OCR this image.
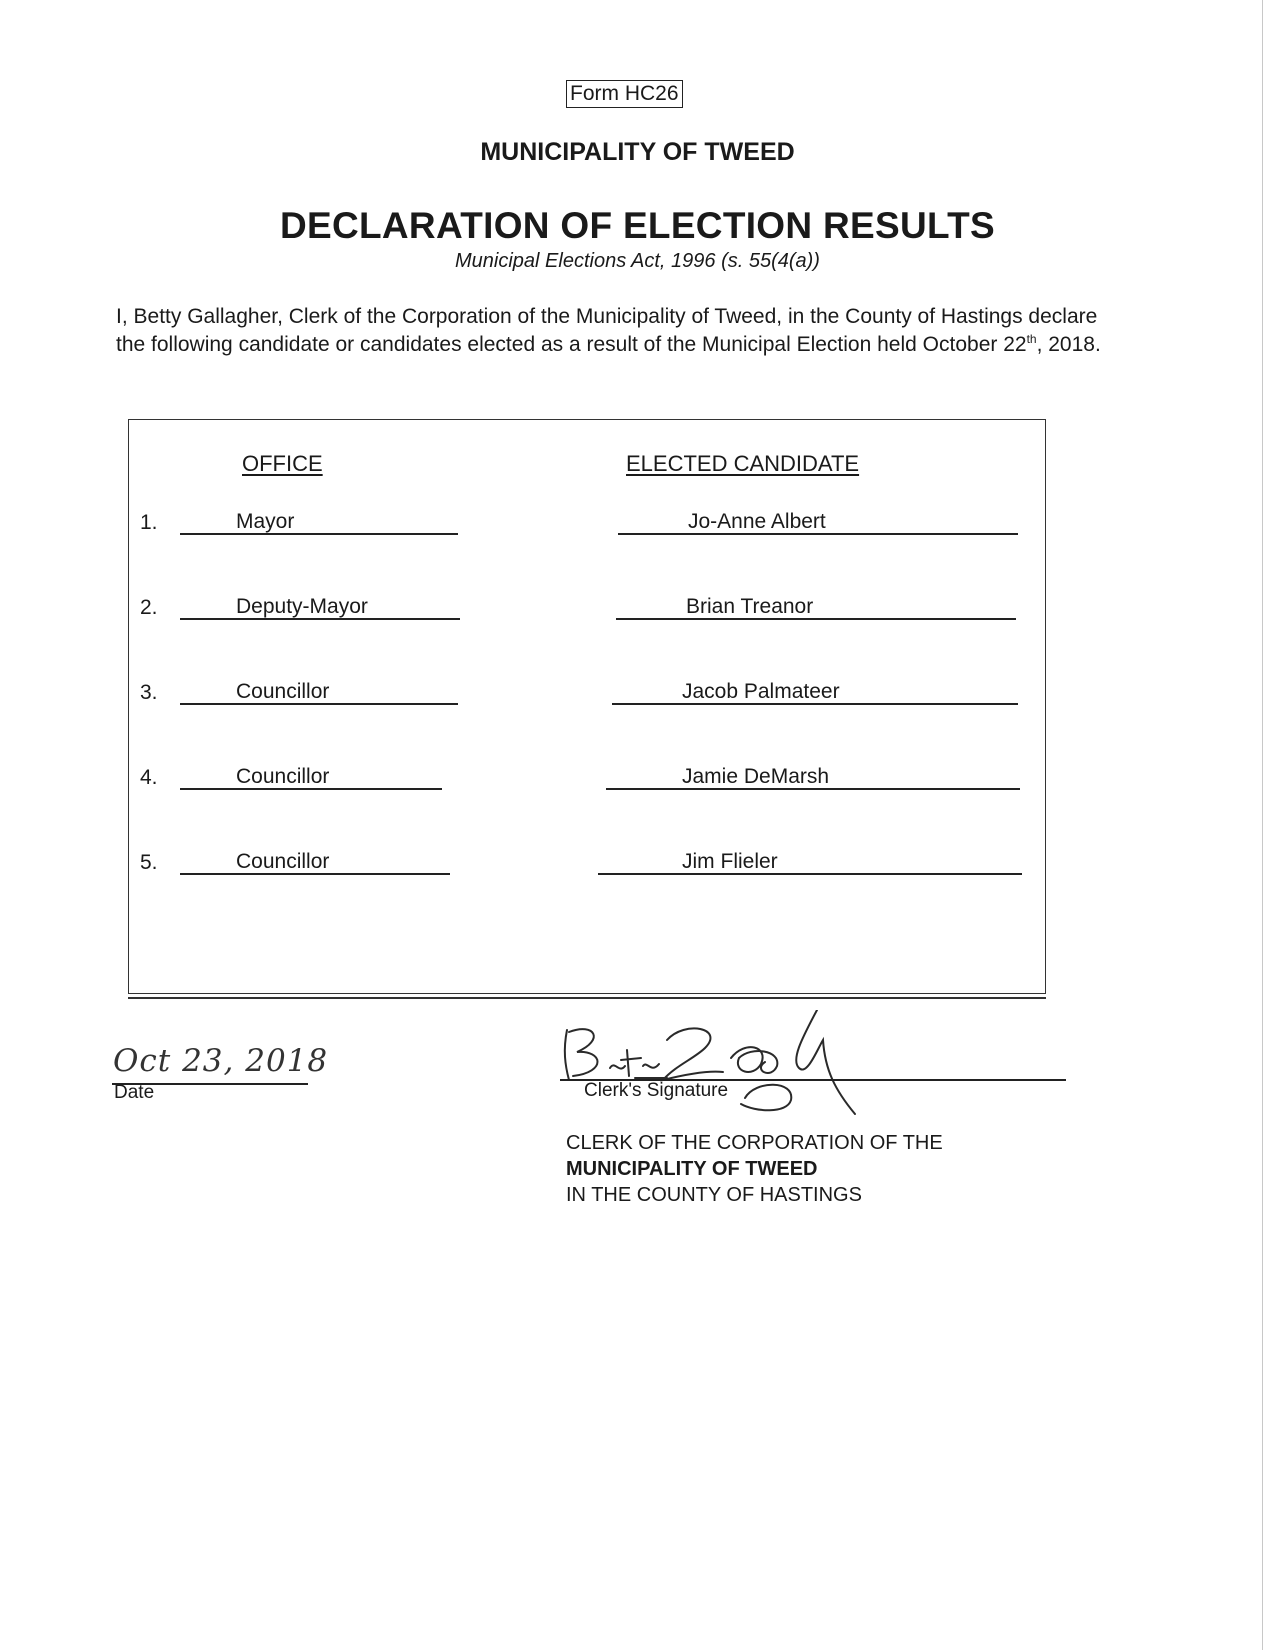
Form HC26
MUNICIPALITY OF TWEED
DECLARATION OF ELECTION RESULTS
Municipal Elections Act, 1996 (s. 55(4(a))
I, Betty Gallagher, Clerk of the Corporation of the Municipality of Tweed, in the County of Hastings declare the following candidate or candidates elected as a result of the Municipal Election held October 22th, 2018.
OFFICE	ELECTED CANDIDATE
1.	Mayor	Jo-Anne Albert
2.	Deputy-Mayor	Brian Treanor
3.	Councillor	Jacob Palmateer
4.	Councillor	Jamie DeMarsh
5.	Councillor	Jim Flieler
Oct 23, 2018
Date	Clerk's Signature
CLERK OF THE CORPORATION OF THE
MUNICIPALITY OF TWEED
IN THE COUNTY OF HASTINGS
